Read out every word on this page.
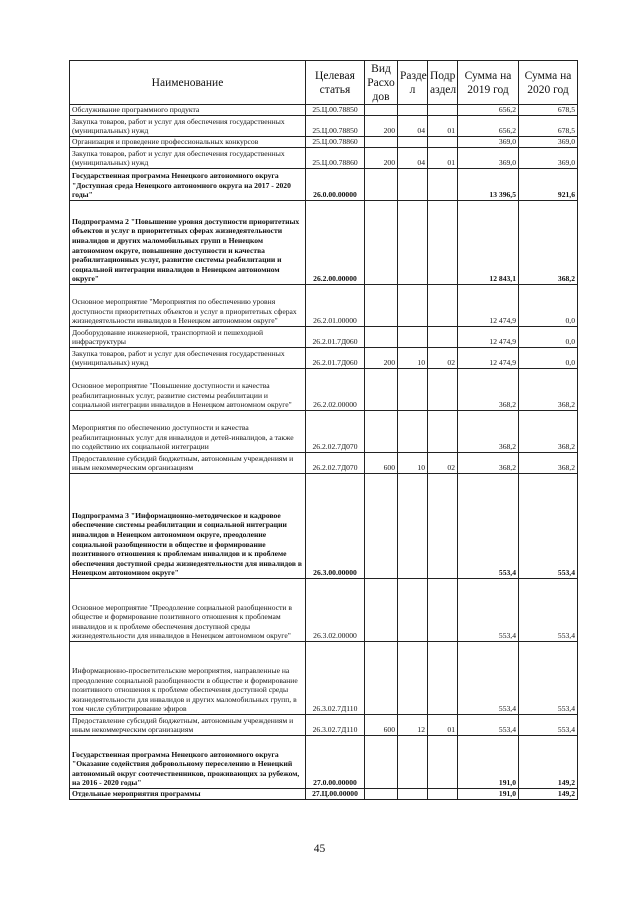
Наименование	Целевая статья	Вид Расхо дов	Разде л	Подр аздел	Сумма на 2019 год	Сумма на 2020 год
Обслуживание программного продукта	25.Ц.00.78850				656,2	678,5
Закупка товаров, работ и услуг для обеспечения государственных (муниципальных) нужд	25.Ц.00.78850	200	04	01	656,2	678,5
Организация и проведение профессиональных конкурсов	25.Ц.00.78860				369,0	369,0
Закупка товаров, работ и услуг для обеспечения государственных (муниципальных) нужд	25.Ц.00.78860	200	04	01	369,0	369,0
Государственная программа Ненецкого автономного округа "Доступная среда Ненецкого автономного округа на 2017 - 2020 годы"	26.0.00.00000				13 396,5	921,6
Подпрограмма 2 "Повышение уровня доступности приоритетных объектов и услуг в приоритетных сферах жизнедеятельности инвалидов и других маломобильных групп в Ненецком автономном округе, повышение доступности и качества реабилитационных услуг, развитие системы реабилитации и социальной интеграции инвалидов в Ненецком автономном округе"	26.2.00.00000				12 843,1	368,2
Основное мероприятие "Мероприятия по обеспечению уровня доступности приоритетных объектов и услуг в приоритетных сферах жизнедеятельности инвалидов в Ненецком автономном округе"	26.2.01.00000				12 474,9	0,0
Дооборудование инженерной, транспортной и пешеходной инфраструктуры	26.2.01.7Д060				12 474,9	0,0
Закупка товаров, работ и услуг для обеспечения государственных (муниципальных) нужд	26.2.01.7Д060	200	10	02	12 474,9	0,0
Основное мероприятие "Повышение доступности и качества реабилитационных услуг, развитие системы реабилитации и социальной интеграции инвалидов в Ненецком автономном округе"	26.2.02.00000				368,2	368,2
Мероприятия по обеспечению доступности и качества реабилитационных услуг для инвалидов и детей-инвалидов, а также по содействию их социальной интеграции	26.2.02.7Д070				368,2	368,2
Предоставление субсидий бюджетным, автономным учреждениям и иным некоммерческим организациям	26.2.02.7Д070	600	10	02	368,2	368,2
Подпрограмма 3 "Информационно-методическое и кадровое обеспечение системы реабилитации и социальной интеграции инвалидов в Ненецком автономном округе, преодоление социальной разобщенности в обществе и формирование позитивного отношения к проблемам инвалидов и к проблеме обеспечения доступной среды жизнедеятельности для инвалидов в Ненецком автономном округе"	26.3.00.00000				553,4	553,4
Основное мероприятие "Преодоление социальной разобщенности в обществе и формирование позитивного отношения к проблемам инвалидов и к проблеме обеспечения доступной среды жизнедеятельности для инвалидов в Ненецком автономном округе"	26.3.02.00000				553,4	553,4
Информационно-просветительские мероприятия, направленные на преодоление социальной разобщенности в обществе и формирование позитивного отношения к проблеме обеспечения доступной среды жизнедеятельности для инвалидов и других маломобильных групп, в том числе субтитрирование эфиров	26.3.02.7Д110				553,4	553,4
Предоставление субсидий бюджетным, автономным учреждениям и иным некоммерческим организациям	26.3.02.7Д110	600	12	01	553,4	553,4
Государственная программа Ненецкого автономного округа "Оказание содействия добровольному переселению в Ненецкий автономный округ соотечественников, проживающих за рубежом, на 2016 - 2020 годы"	27.0.00.00000				191,0	149,2
Отдельные мероприятия программы	27.Ц.00.00000				191,0	149,2
45
